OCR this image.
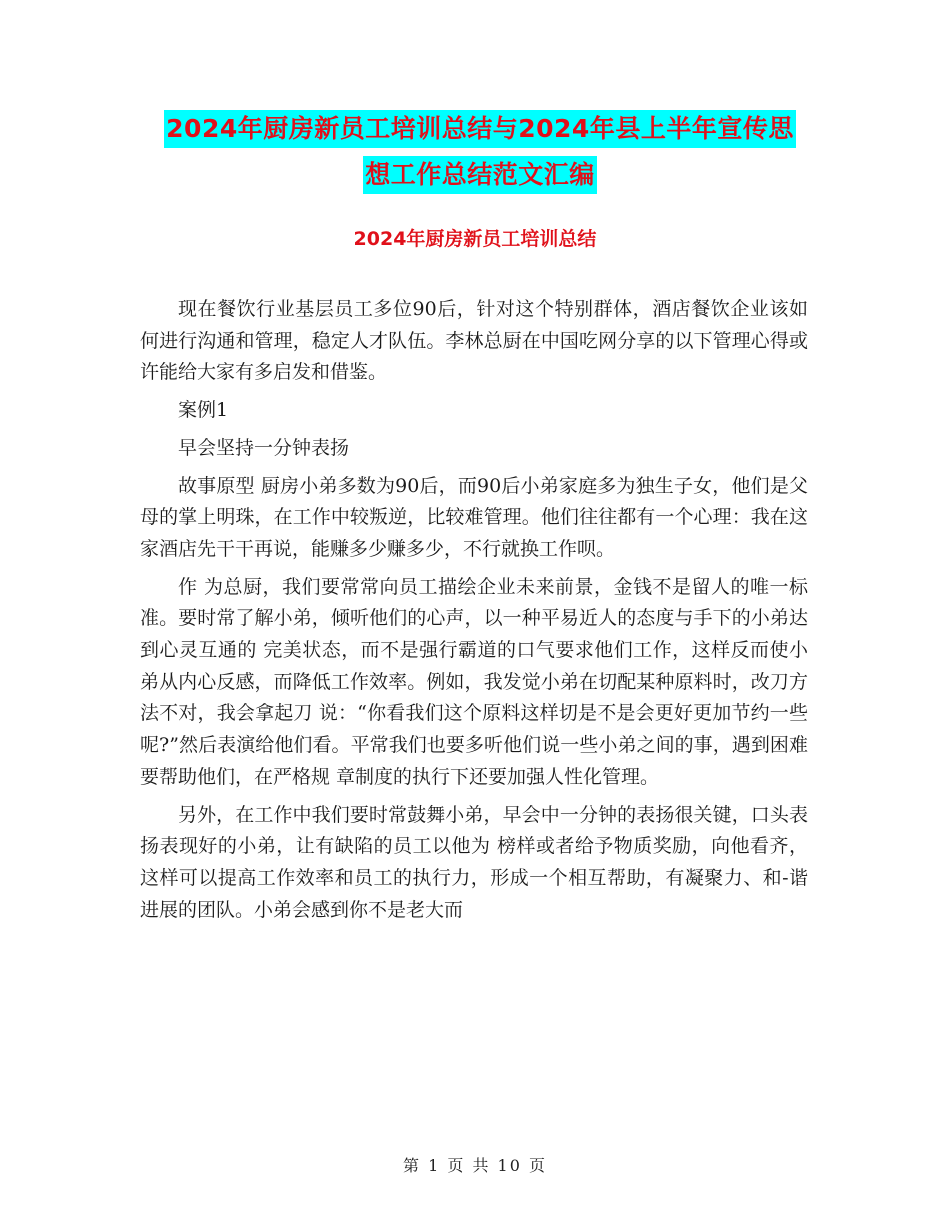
2024年厨房新员工培训总结与2024年县上半年宣传思
想工作总结范文汇编
2024年厨房新员工培训总结

现在餐饮行业基层员工多位90后，针对这个特别群体，酒店餐饮企业该如何进行沟通和管理，稳定人才队伍。李林总厨在中国吃网分享的以下管理心得或许能给大家有多启发和借鉴。

案例1

早会坚持一分钟表扬

故事原型 厨房小弟多数为90后，而90后小弟家庭多为独生子女，他们是父母的掌上明珠，在工作中较叛逆，比较难管理。他们往往都有一个心理：我在这家酒店先干干再说，能赚多少赚多少，不行就换工作呗。

作 为总厨，我们要常常向员工描绘企业未来前景，金钱不是留人的唯一标准。要时常了解小弟，倾听他们的心声，以一种平易近人的态度与手下的小弟达到心灵互通的 完美状态，而不是强行霸道的口气要求他们工作，这样反而使小弟从内心反感，而降低工作效率。例如，我发觉小弟在切配某种原料时，改刀方法不对，我会拿起刀 说：“你看我们这个原料这样切是不是会更好更加节约一些呢?”然后表演给他们看。平常我们也要多听他们说一些小弟之间的事，遇到困难要帮助他们，在严格规 章制度的执行下还要加强人性化管理。

另外，在工作中我们要时常鼓舞小弟，早会中一分钟的表扬很关键，口头表扬表现好的小弟，让有缺陷的员工以他为 榜样或者给予物质奖励，向他看齐，这样可以提高工作效率和员工的执行力，形成一个相互帮助，有凝聚力、和-谐进展的团队。小弟会感到你不是老大而

第 1 页 共 10 页
